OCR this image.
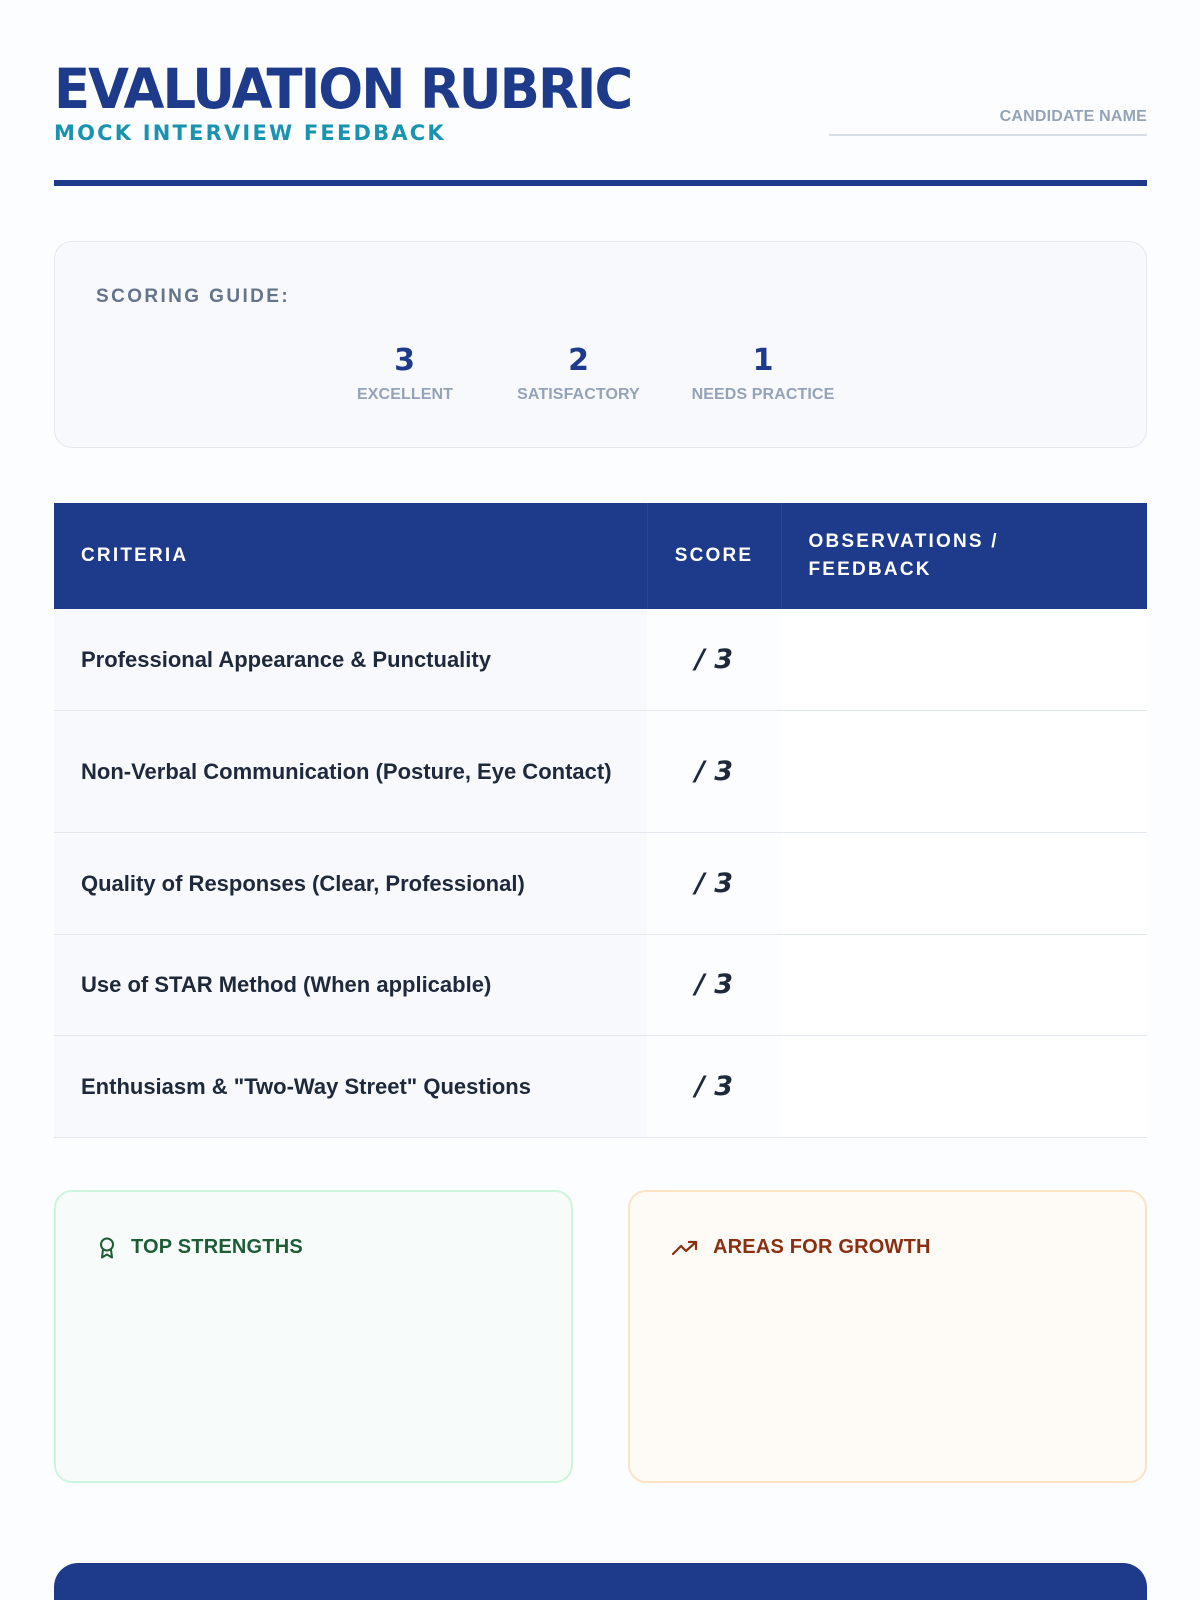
EVALUATION RUBRIC
MOCK INTERVIEW FEEDBACK
CANDIDATE NAME
SCORING GUIDE:
3
EXCELLENT
2
SATISFACTORY
1
NEEDS PRACTICE
CRITERIA	SCORE	OBSERVATIONS / FEEDBACK
Professional Appearance & Punctuality	/ 3	
Non-Verbal Communication (Posture, Eye Contact)	/ 3	
Quality of Responses (Clear, Professional)	/ 3	
Use of STAR Method (When applicable)	/ 3	
Enthusiasm & "Two-Way Street" Questions	/ 3	
TOP STRENGTHS	AREAS FOR GROWTH
